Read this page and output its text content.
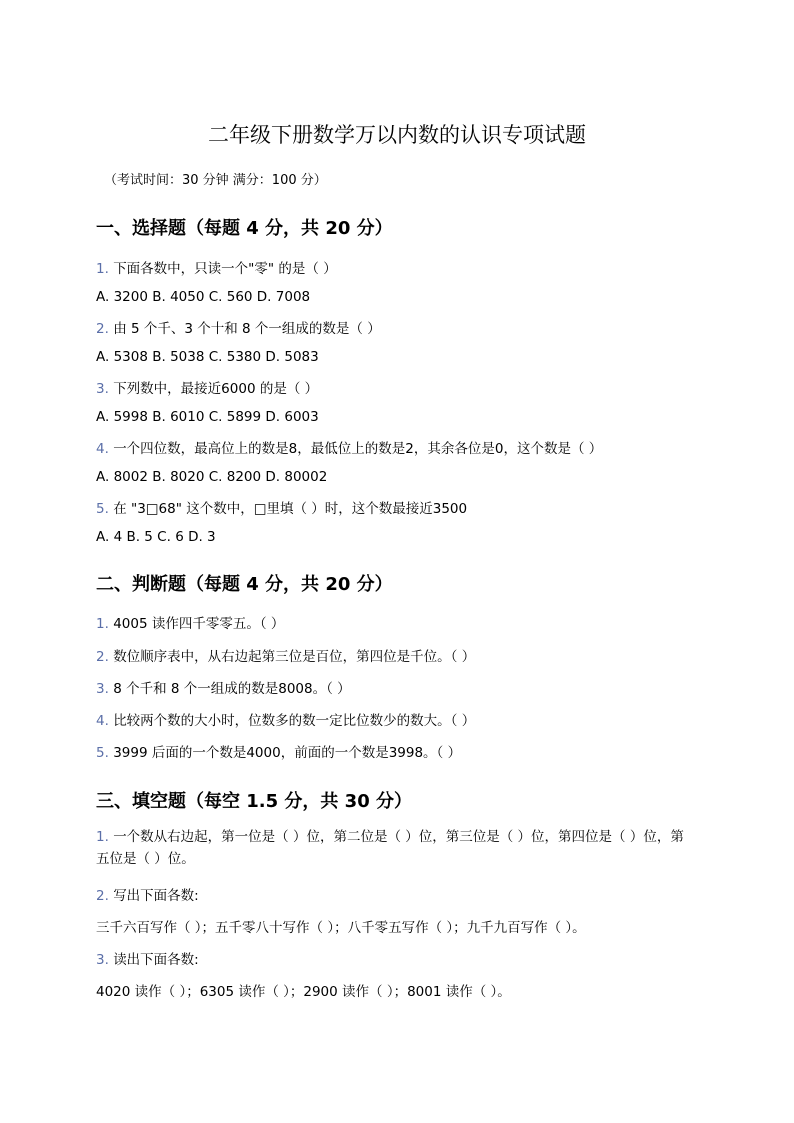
二年级下册数学万以内数的认识专项试题
（考试时间：30 分钟 满分：100 分）
一、选择题（每题 4 分，共 20 分）
1. 下面各数中，只读一个"零" 的是（ ）
A. 3200 B. 4050 C. 560 D. 7008
2. 由 5 个千、3 个十和 8 个一组成的数是（ ）
A. 5308 B. 5038 C. 5380 D. 5083
3. 下列数中，最接近6000 的是（ ）
A. 5998 B. 6010 C. 5899 D. 6003
4. 一个四位数，最高位上的数是8，最低位上的数是2，其余各位是0，这个数是（ ）
A. 8002 B. 8020 C. 8200 D. 80002
5. 在 "3□68" 这个数中，□里填（ ）时，这个数最接近3500
A. 4 B. 5 C. 6 D. 3
二、判断题（每题 4 分，共 20 分）
1. 4005 读作四千零零五。（ ）
2. 数位顺序表中，从右边起第三位是百位，第四位是千位。（ ）
3. 8 个千和 8 个一组成的数是8008。（ ）
4. 比较两个数的大小时，位数多的数一定比位数少的数大。（ ）
5. 3999 后面的一个数是4000，前面的一个数是3998。（ ）
三、填空题（每空 1.5 分，共 30 分）
1. 一个数从右边起，第一位是（ ）位，第二位是（ ）位，第三位是（ ）位，第四位是（ ）位，第五位是（ ）位。
2. 写出下面各数:
三千六百写作（ ）；五千零八十写作（ ）；八千零五写作（ ）；九千九百写作（ ）。
3. 读出下面各数:
4020 读作（ ）；6305 读作（ ）；2900 读作（ ）；8001 读作（ ）。
